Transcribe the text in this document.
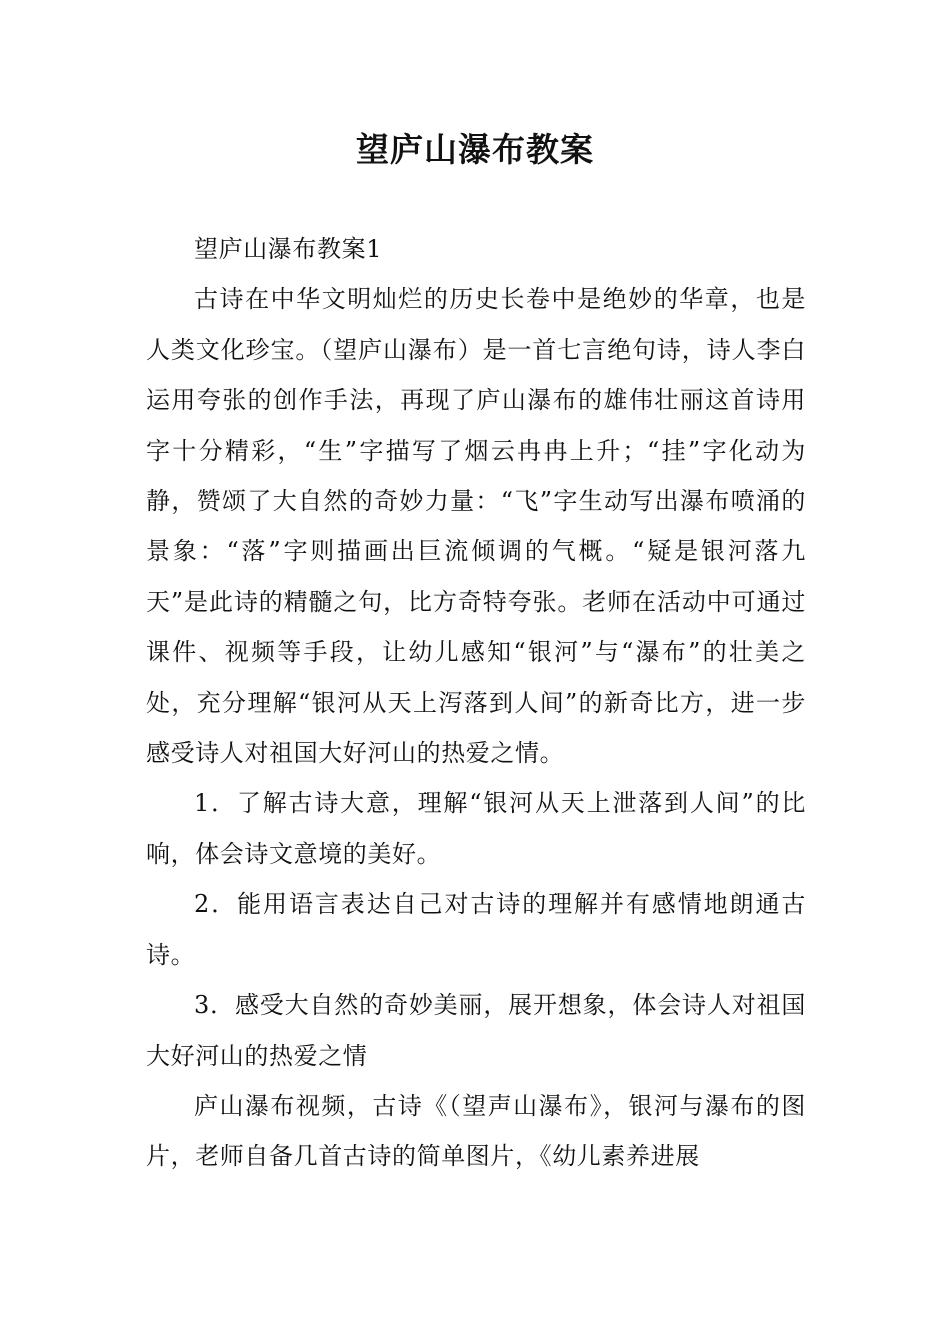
望庐山瀑布教案

望庐山瀑布教案1

古诗在中华文明灿烂的历史长卷中是绝妙的华章，也是人类文化珍宝。（望庐山瀑布）是一首七言绝句诗，诗人李白运用夸张的创作手法，再现了庐山瀑布的雄伟壮丽这首诗用字十分精彩，“生”字描写了烟云冉冉上升；“挂”字化动为静，赞颂了大自然的奇妙力量：“飞”字生动写出瀑布喷涌的景象：“落”字则描画出巨流倾调的气概。“疑是银河落九天”是此诗的精髓之句，比方奇特夸张。老师在活动中可通过课件、视频等手段，让幼儿感知“银河”与“瀑布”的壮美之处，充分理解“银河从天上泻落到人间”的新奇比方，进一步感受诗人对祖国大好河山的热爱之情。

1．了解古诗大意，理解“银河从天上泄落到人间”的比响，体会诗文意境的美好。

2．能用语言表达自己对古诗的理解并有感情地朗通古诗。

3．感受大自然的奇妙美丽，展开想象，体会诗人对祖国大好河山的热爱之情

庐山瀑布视频，古诗《（望声山瀑布》，银河与瀑布的图片，老师自备几首古诗的简单图片，《幼儿素养进展
